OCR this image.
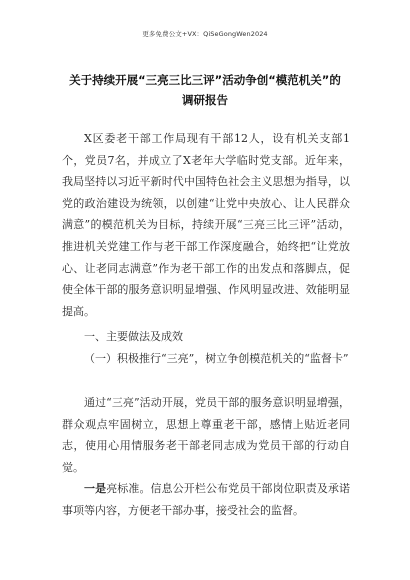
更多免费公文+VX：QiSeGongWen2024
关于持续开展“三亮三比三评”活动争创“模范机关”的
调研报告

X区委老干部工作局现有干部12人，设有机关支部1个，党员7名，并成立了X老年大学临时党支部。近年来，我局坚持以习近平新时代中国特色社会主义思想为指导，以党的政治建设为统领，以创建“让党中央放心、让人民群众满意”的模范机关为目标，持续开展“三亮三比三评”活动，推进机关党建工作与老干部工作深度融合，始终把“让党放心、让老同志满意”作为老干部工作的出发点和落脚点，促使全体干部的服务意识明显增强、作风明显改进、效能明显提高。

一、主要做法及成效

（一）积极推行“三亮”，树立争创模范机关的“监督卡”

通过“三亮”活动开展，党员干部的服务意识明显增强，群众观点牢固树立，思想上尊重老干部，感情上贴近老同志，使用心用情服务老干部老同志成为党员干部的行动自觉。

一是亮标准。信息公开栏公布党员干部岗位职责及承诺事项等内容，方便老干部办事，接受社会的监督。
